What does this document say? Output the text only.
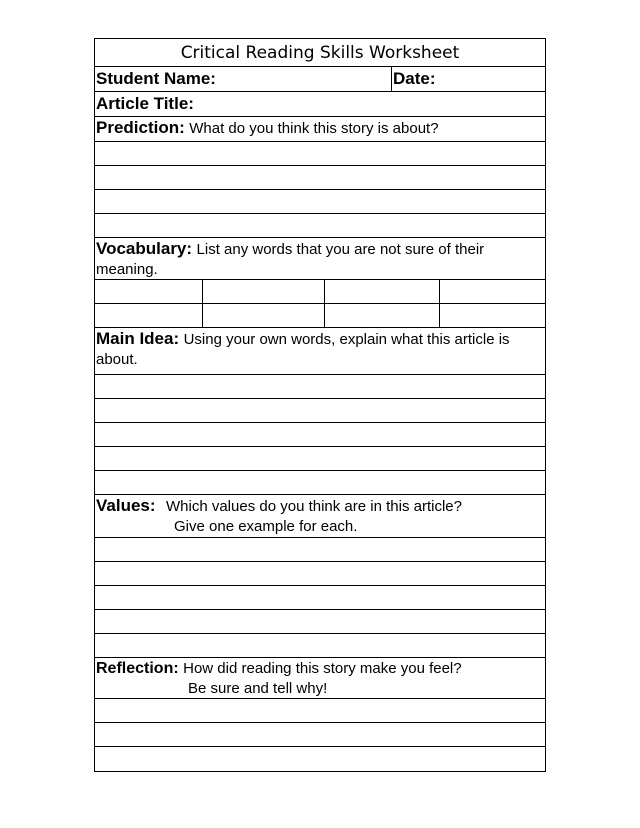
Critical Reading Skills Worksheet
Student Name:	Date:
Article Title:
Prediction: What do you think this story is about?
Vocabulary: List any words that you are not sure of their meaning.
Main Idea: Using your own words, explain what this article is about.
Values: Which values do you think are in this article?
Give one example for each.
Reflection: How did reading this story make you feel?
Be sure and tell why!
